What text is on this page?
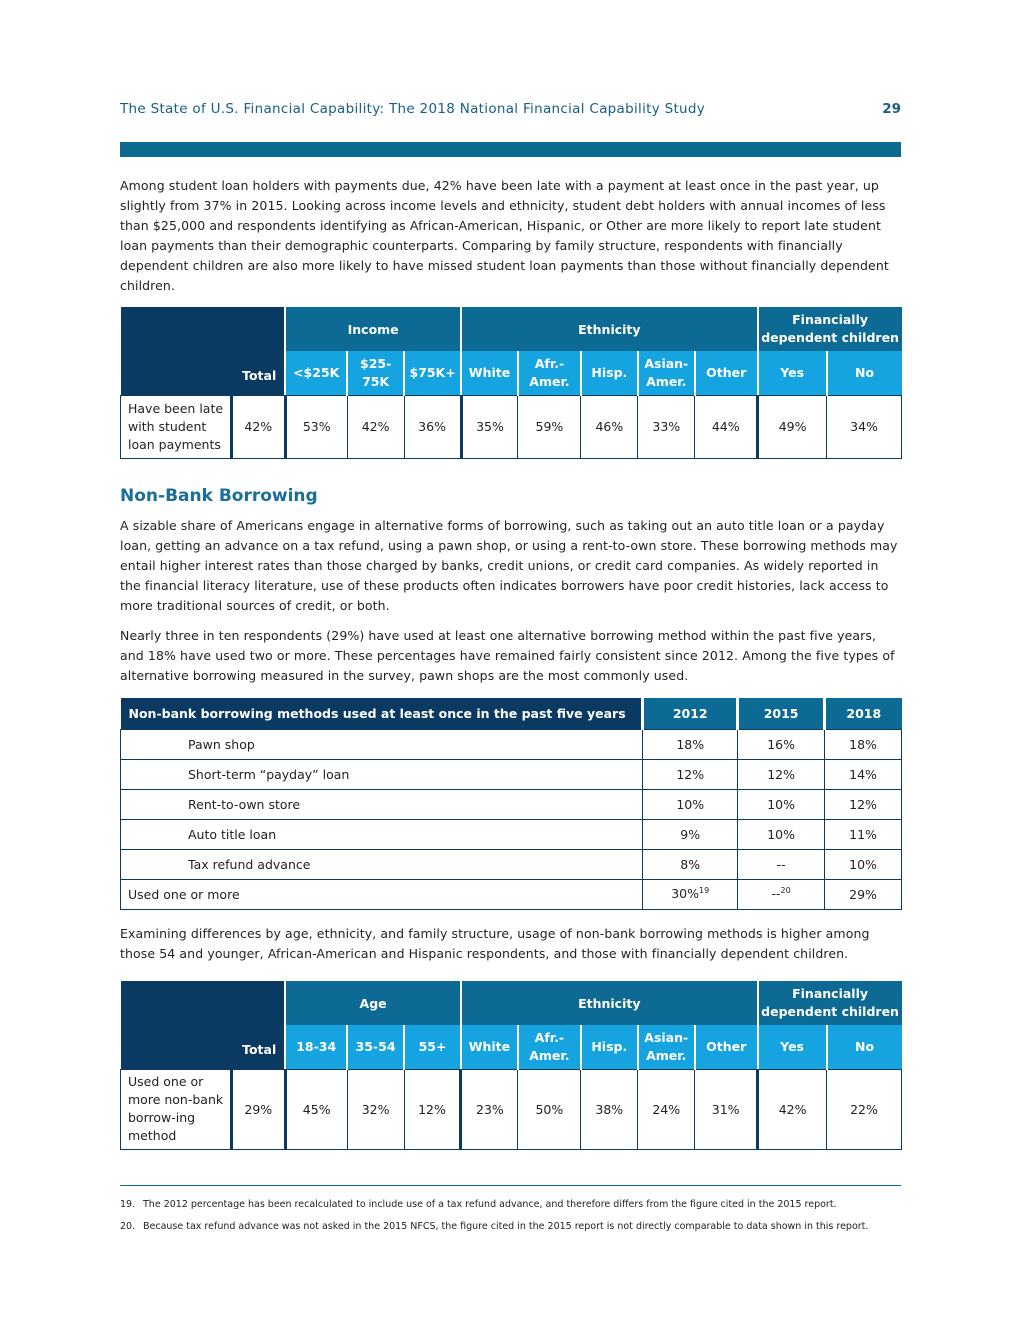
The State of U.S. Financial Capability: The 2018 National Financial Capability Study	29

Among student loan holders with payments due, 42% have been late with a payment at least once in the past year, up slightly from 37% in 2015. Looking across income levels and ethnicity, student debt holders with annual incomes of less than $25,000 and respondents identifying as African-American, Hispanic, or Other are more likely to report late student loan payments than their demographic counterparts. Comparing by family structure, respondents with financially dependent children are also more likely to have missed student loan payments than those without financially dependent children.

Total		Income			Ethnicity					Financially dependent children	
		<$25K	$25-75K	$75K+	White	Afr.-Amer.	Hisp.	Asian-Amer.	Other	Yes	No
Have been late with student loan payments	42%	53%	42%	36%	35%	59%	46%	33%	44%	49%	34%
Non-Bank Borrowing

A sizable share of Americans engage in alternative forms of borrowing, such as taking out an auto title loan or a payday loan, getting an advance on a tax refund, using a pawn shop, or using a rent-to-own store. These borrowing methods may entail higher interest rates than those charged by banks, credit unions, or credit card companies. As widely reported in the financial literacy literature, use of these products often indicates borrowers have poor credit histories, lack access to more traditional sources of credit, or both.

Nearly three in ten respondents (29%) have used at least one alternative borrowing method within the past five years, and 18% have used two or more. These percentages have remained fairly consistent since 2012. Among the five types of alternative borrowing measured in the survey, pawn shops are the most commonly used.

Non-bank borrowing methods used at least once in the past five years	2012	2015	2018
Pawn shop	18%	16%	18%
Short-term “payday” loan	12%	12%	14%
Rent-to-own store	10%	10%	12%
Auto title loan	9%	10%	11%
Tax refund advance	8%	--	10%
Used one or more	30%$^{19}$	--$^{20}$	29%

Examining differences by age, ethnicity, and family structure, usage of non-bank borrowing methods is higher among those 54 and younger, African-American and Hispanic respondents, and those with financially dependent children.

Total		Age			Ethnicity					Financially dependent children	
		18-34	35-54	55+	White	Afr.-Amer.	Hisp.	Asian-Amer.	Other	Yes	No
Used one or more non-bank borrow-ing method	29%	45%	32%	12%	23%	50%	38%	24%	31%	42%	22%
19. The 2012 percentage has been recalculated to include use of a tax refund advance, and therefore differs from the figure cited in the 2015 report.
20. Because tax refund advance was not asked in the 2015 NFCS, the figure cited in the 2015 report is not directly comparable to data shown in this report.
